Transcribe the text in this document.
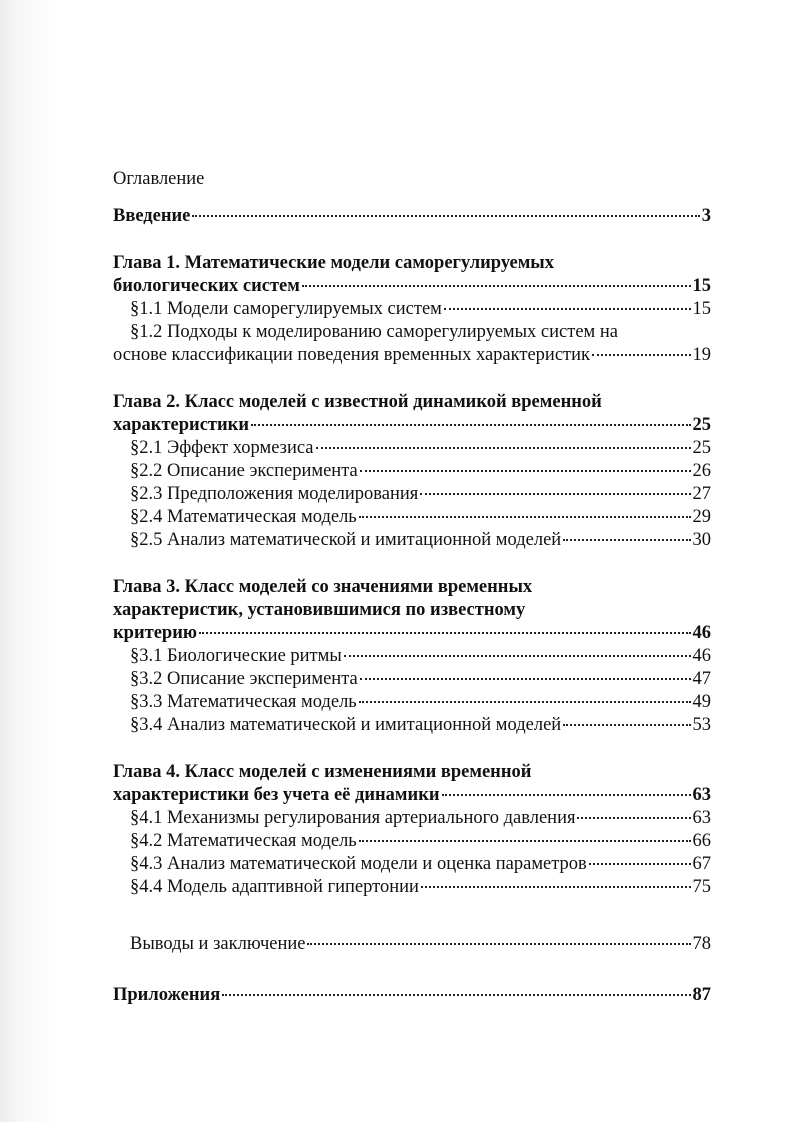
Оглавление
Введение	3
Глава 1. Математические модели саморегулируемых
биологических систем	15
§1.1 Модели саморегулируемых систем	15
§1.2 Подходы к моделированию саморегулируемых систем на
основе классификации поведения временных характеристик	19
Глава 2. Класс моделей с известной динамикой временной
характеристики	25
§2.1 Эффект хормезиса	25
§2.2 Описание эксперимента	26
§2.3 Предположения моделирования	27
§2.4 Математическая модель	29
§2.5 Анализ математической и имитационной моделей	30
Глава 3. Класс моделей со значениями временных
характеристик, установившимися по известному
критерию	46
§3.1 Биологические ритмы	46
§3.2 Описание эксперимента	47
§3.3 Математическая модель	49
§3.4 Анализ математической и имитационной моделей	53
Глава 4. Класс моделей с изменениями временной
характеристики без учета её динамики	63
§4.1 Механизмы регулирования артериального давления	63
§4.2 Математическая модель	66
§4.3 Анализ математической модели и оценка параметров	67
§4.4 Модель адаптивной гипертонии	75
Выводы и заключение	78
Приложения	87
